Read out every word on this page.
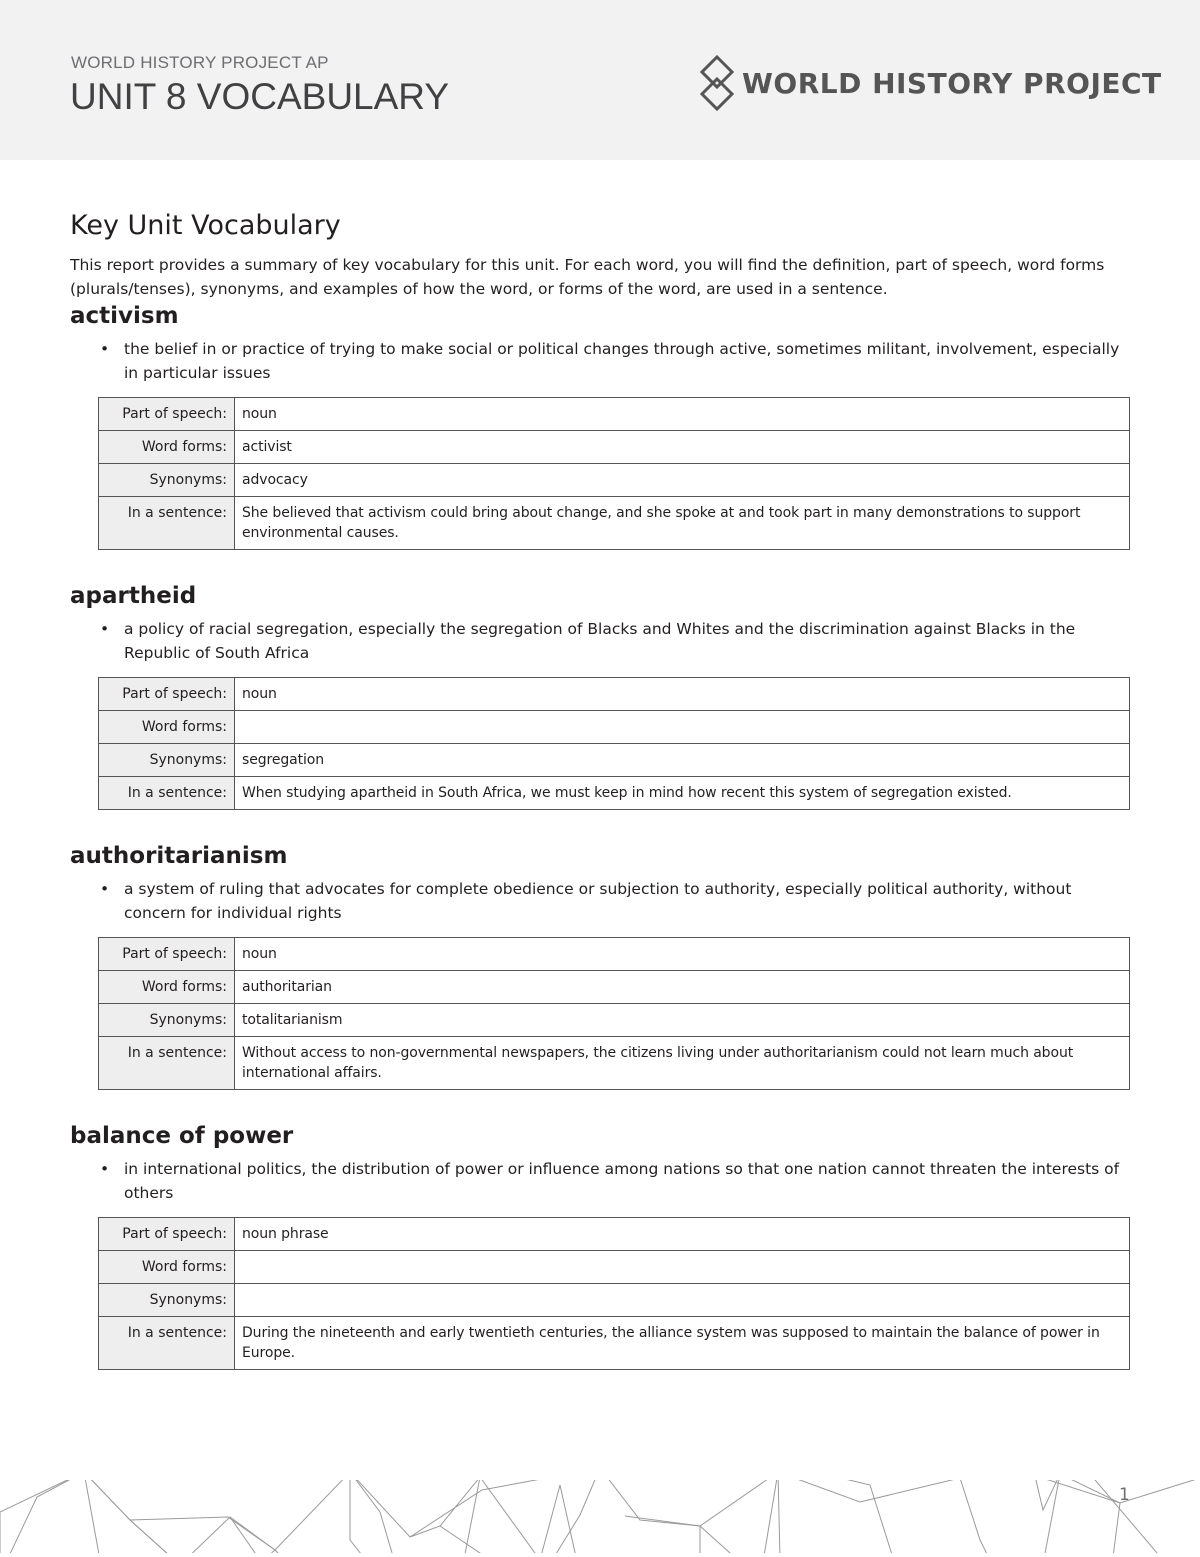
WORLD HISTORY PROJECT AP
UNIT 8 VOCABULARY	WORLD HISTORY PROJECT
Key Unit Vocabulary

This report provides a summary of key vocabulary for this unit. For each word, you will find the definition, part of speech, word forms (plurals/tenses), synonyms, and examples of how the word, or forms of the word, are used in a sentence.

activism
• the belief in or practice of trying to make social or political changes through active, sometimes militant, involvement, especially in particular issues
Part of speech:	noun
Word forms:	activist
Synonyms:	advocacy
In a sentence:	She believed that activism could bring about change, and she spoke at and took part in many demonstrations to support environmental causes.
apartheid
• a policy of racial segregation, especially the segregation of Blacks and Whites and the discrimination against Blacks in the Republic of South Africa
Part of speech:	noun
Word forms:	
Synonyms:	segregation
In a sentence:	When studying apartheid in South Africa, we must keep in mind how recent this system of segregation existed.
authoritarianism
• a system of ruling that advocates for complete obedience or subjection to authority, especially political authority, without concern for individual rights
Part of speech:	noun
Word forms:	authoritarian
Synonyms:	totalitarianism
In a sentence:	Without access to non-governmental newspapers, the citizens living under authoritarianism could not learn much about international affairs.
balance of power
• in international politics, the distribution of power or influence among nations so that one nation cannot threaten the interests of others
Part of speech:	noun phrase
Word forms:	
Synonyms:	
In a sentence:	During the nineteenth and early twentieth centuries, the alliance system was supposed to maintain the balance of power in Europe.
1
